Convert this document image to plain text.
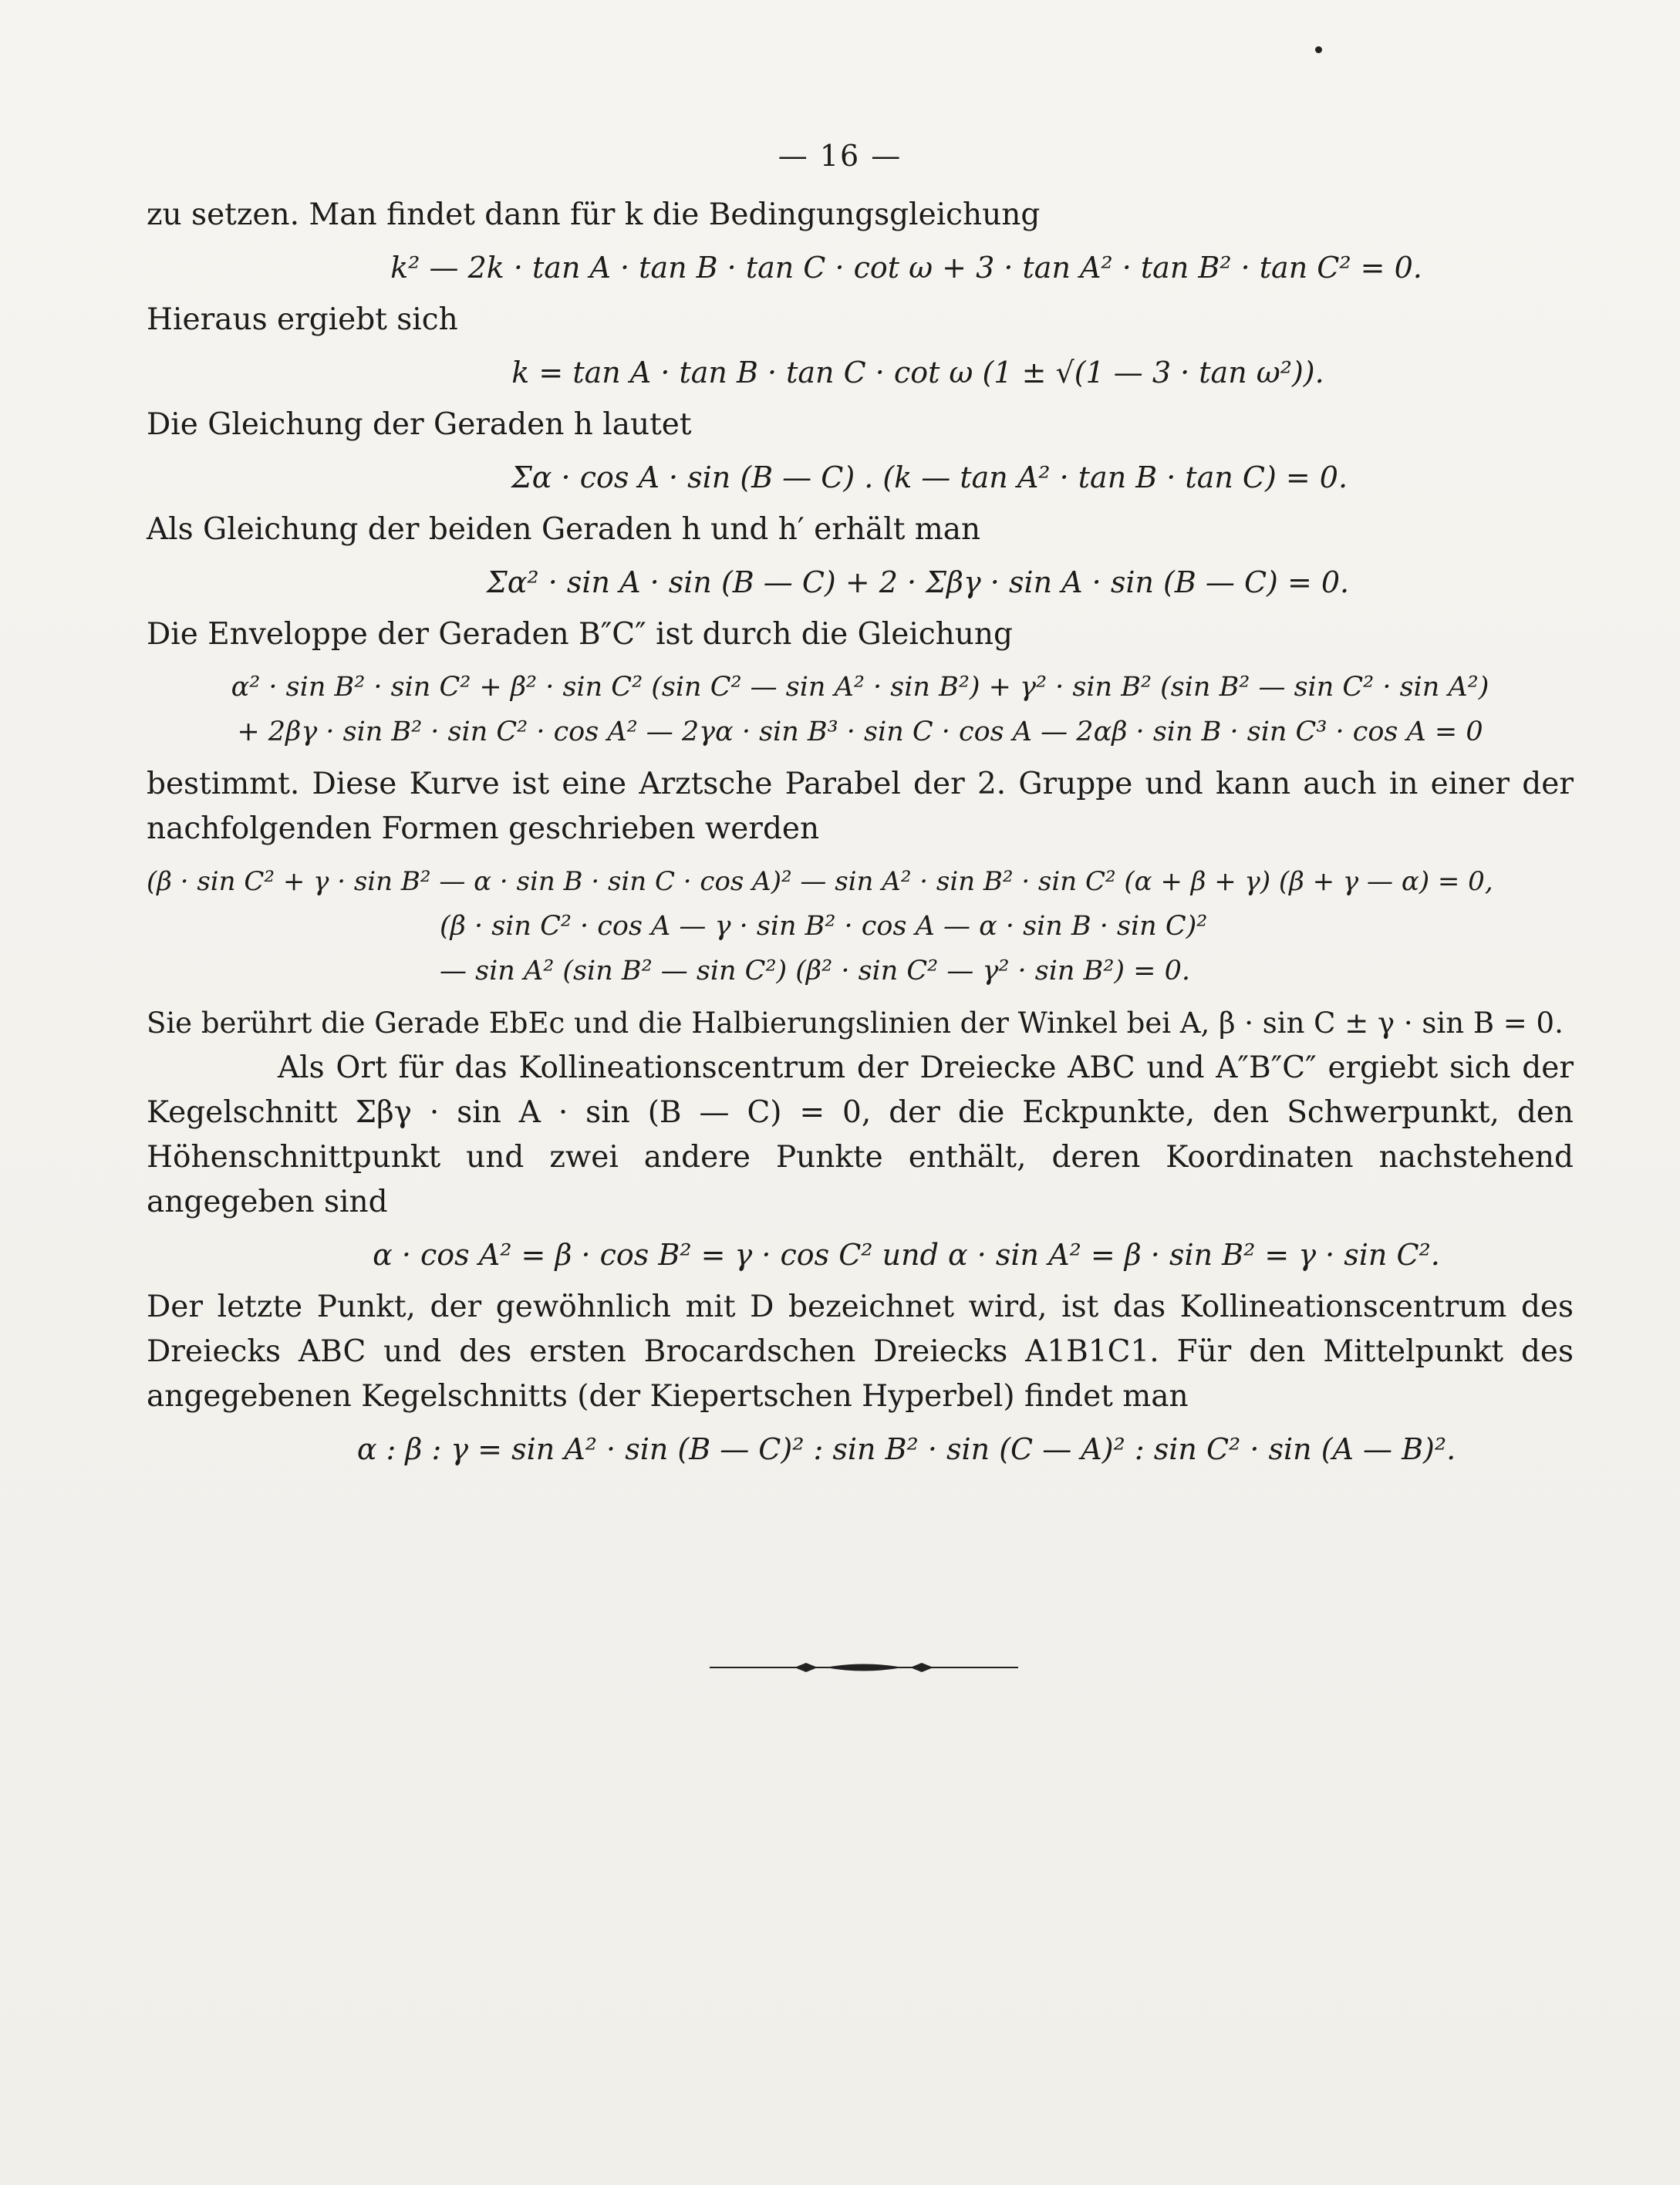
— 16 —

zu setzen. Man findet dann für k die Bedingungsgleichung

k² — 2k · tan A · tan B · tan C · cot ω + 3 · tan A² · tan B² · tan C² = 0.

Hieraus ergiebt sich

k = tan A · tan B · tan C · cot ω (1 ± √(1 — 3 · tan ω²)).

Die Gleichung der Geraden h lautet

Σα · cos A · sin (B — C) . (k — tan A² · tan B · tan C) = 0.

Als Gleichung der beiden Geraden h und h′ erhält man

Σα² · sin A · sin (B — C) + 2 · Σβγ · sin A · sin (B — C) = 0.

Die Enveloppe der Geraden B″C″ ist durch die Gleichung

α² · sin B² · sin C² + β² · sin C² (sin C² — sin A² · sin B²) + γ² · sin B² (sin B² — sin C² · sin A²)
+ 2βγ · sin B² · sin C² · cos A² — 2γα · sin B³ · sin C · cos A — 2αβ · sin B · sin C³ · cos A = 0

bestimmt. Diese Kurve ist eine Arztsche Parabel der 2. Gruppe und kann auch in einer der nachfolgenden Formen geschrieben werden

(β · sin C² + γ · sin B² — α · sin B · sin C · cos A)² — sin A² · sin B² · sin C² (α + β + γ) (β + γ — α) = 0,
(β · sin C² · cos A — γ · sin B² · cos A — α · sin B · sin C)²
— sin A² (sin B² — sin C²) (β² · sin C² — γ² · sin B²) = 0.

Sie berührt die Gerade EbEc und die Halbierungslinien der Winkel bei A, β · sin C ± γ · sin B = 0.

Als Ort für das Kollineationscentrum der Dreiecke ABC und A″B″C″ ergiebt sich der Kegelschnitt Σβγ · sin A · sin (B — C) = 0, der die Eckpunkte, den Schwerpunkt, den Höhenschnittpunkt und zwei andere Punkte enthält, deren Koordinaten nachstehend angegeben sind

α · cos A² = β · cos B² = γ · cos C² und α · sin A² = β · sin B² = γ · sin C².

Der letzte Punkt, der gewöhnlich mit D bezeichnet wird, ist das Kollineationscentrum des Dreiecks ABC und des ersten Brocardschen Dreiecks A1B1C1. Für den Mittelpunkt des angegebenen Kegelschnitts (der Kiepertschen Hyperbel) findet man

α : β : γ = sin A² · sin (B — C)² : sin B² · sin (C — A)² : sin C² · sin (A — B)².
